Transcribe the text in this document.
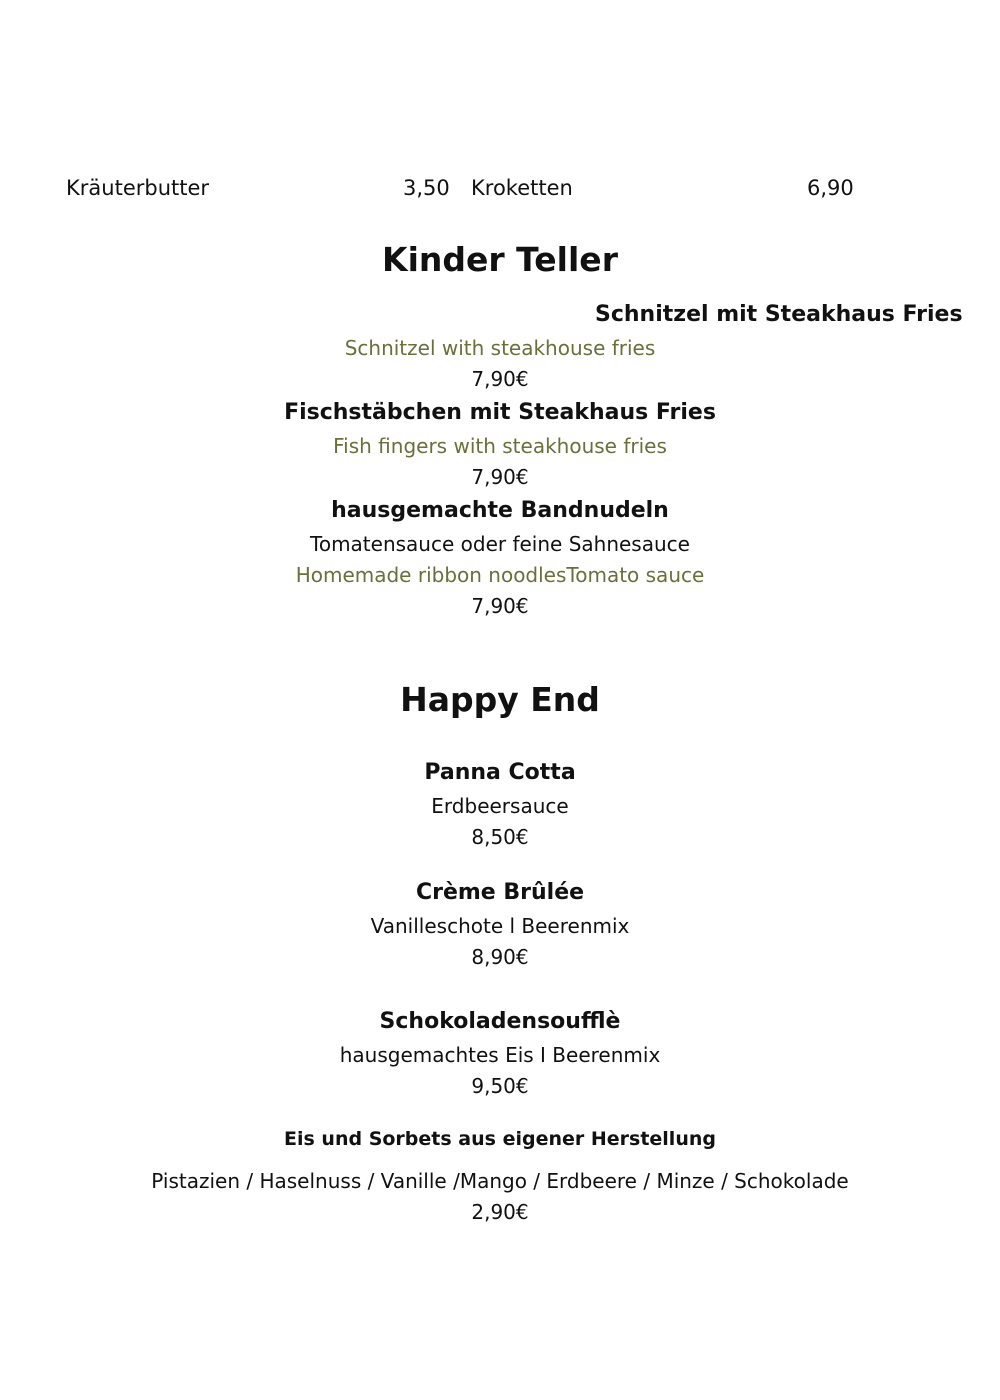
Kräuterbutter	3,50 Kroketten	6,90
Kinder Teller
Schnitzel mit Steakhaus Fries
Schnitzel with steakhouse fries
7,90€
Fischstäbchen mit Steakhaus Fries
Fish fingers with steakhouse fries
7,90€
hausgemachte Bandnudeln
Tomatensauce oder feine Sahnesauce
Homemade ribbon noodlesTomato sauce
7,90€
Happy End
Panna Cotta
Erdbeersauce
8,50€
Crème Brûlée
Vanilleschote l Beerenmix
8,90€
Schokoladensoufflè
hausgemachtes Eis I Beerenmix
9,50€
Eis und Sorbets aus eigener Herstellung
Pistazien / Haselnuss / Vanille /Mango / Erdbeere / Minze / Schokolade
2,90€
